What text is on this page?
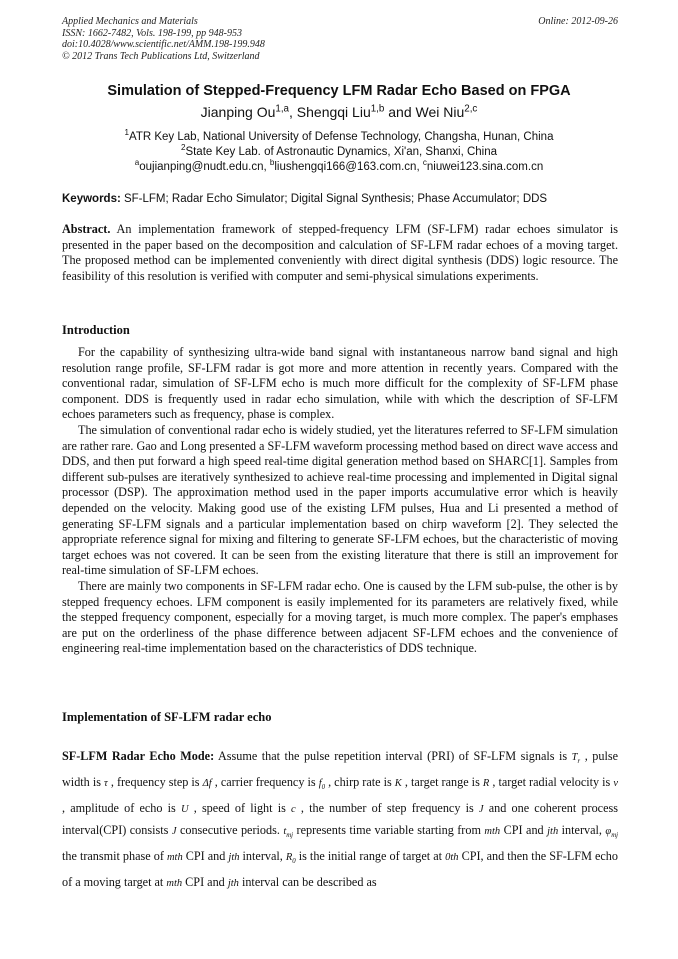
Applied Mechanics and Materials
ISSN: 1662-7482, Vols. 198-199, pp 948-953
doi:10.4028/www.scientific.net/AMM.198-199.948
© 2012 Trans Tech Publications Ltd, Switzerland
Online: 2012-09-26
Simulation of Stepped-Frequency LFM Radar Echo Based on FPGA
Jianping Ou$^{1,a}$, Shengqi Liu$^{1,b}$ and Wei Niu$^{2,c}$
$^1$ATR Key Lab, National University of Defense Technology, Changsha, Hunan, China
$^2$State Key Lab. of Astronautic Dynamics, Xi'an, Shanxi, China
$^a$oujianping@nudt.edu.cn, $^b$liushengqi166@163.com.cn, $^c$niuwei123.sina.com.cn
Keywords: SF-LFM; Radar Echo Simulator; Digital Signal Synthesis; Phase Accumulator; DDS
Abstract. An implementation framework of stepped-frequency LFM (SF-LFM) radar echoes simulator is presented in the paper based on the decomposition and calculation of SF-LFM radar echoes of a moving target. The proposed method can be implemented conveniently with direct digital synthesis (DDS) logic resource. The feasibility of this resolution is verified with computer and semi-physical simulations experiments.
Introduction

For the capability of synthesizing ultra-wide band signal with instantaneous narrow band signal and high resolution range profile, SF-LFM radar is got more and more attention in recently years. Compared with the conventional radar, simulation of SF-LFM echo is much more difficult for the complexity of SF-LFM phase component. DDS is frequently used in radar echo simulation, while with which the description of SF-LFM echoes parameters such as frequency, phase is complex.

The simulation of conventional radar echo is widely studied, yet the literatures referred to SF-LFM simulation are rather rare. Gao and Long presented a SF-LFM waveform processing method based on direct wave access and DDS, and then put forward a high speed real-time digital generation method based on SHARC[1]. Samples from different sub-pulses are iteratively synthesized to achieve real-time processing and implemented in Digital signal processor (DSP). The approximation method used in the paper imports accumulative error which is heavily depended on the velocity. Making good use of the existing LFM pulses, Hua and Li presented a method of generating SF-LFM signals and a particular implementation based on chirp waveform [2]. They selected the appropriate reference signal for mixing and filtering to generate SF-LFM echoes, but the characteristic of moving target echoes was not covered. It can be seen from the existing literature that there is still an improvement for real-time simulation of SF-LFM echoes.

There are mainly two components in SF-LFM radar echo. One is caused by the LFM sub-pulse, the other is by stepped frequency echoes. LFM component is easily implemented for its parameters are relatively fixed, while the stepped frequency component, especially for a moving target, is much more complex. The paper's emphases are put on the orderliness of the phase difference between adjacent SF-LFM echoes and the convenience of engineering real-time implementation based on the characteristics of DDS technique.

Implementation of SF-LFM radar echo
SF-LFM Radar Echo Mode: Assume that the pulse repetition interval (PRI) of SF-LFM signals is $T_r$ , pulse width is τ , frequency step is Δf , carrier frequency is $f_0$ , chirp rate is K , target range is R , target radial velocity is v , amplitude of echo is U , speed of light is c , the number of step frequency is J and one coherent process interval(CPI) consists J consecutive periods. $t_{mj}$ represents time variable starting from mth CPI and jth interval, $\varphi_{mj}$ the transmit phase of mth CPI and jth interval, $R_0$ is the initial range of target at 0th CPI, and then the SF-LFM echo of a moving target at mth CPI and jth interval can be described as
